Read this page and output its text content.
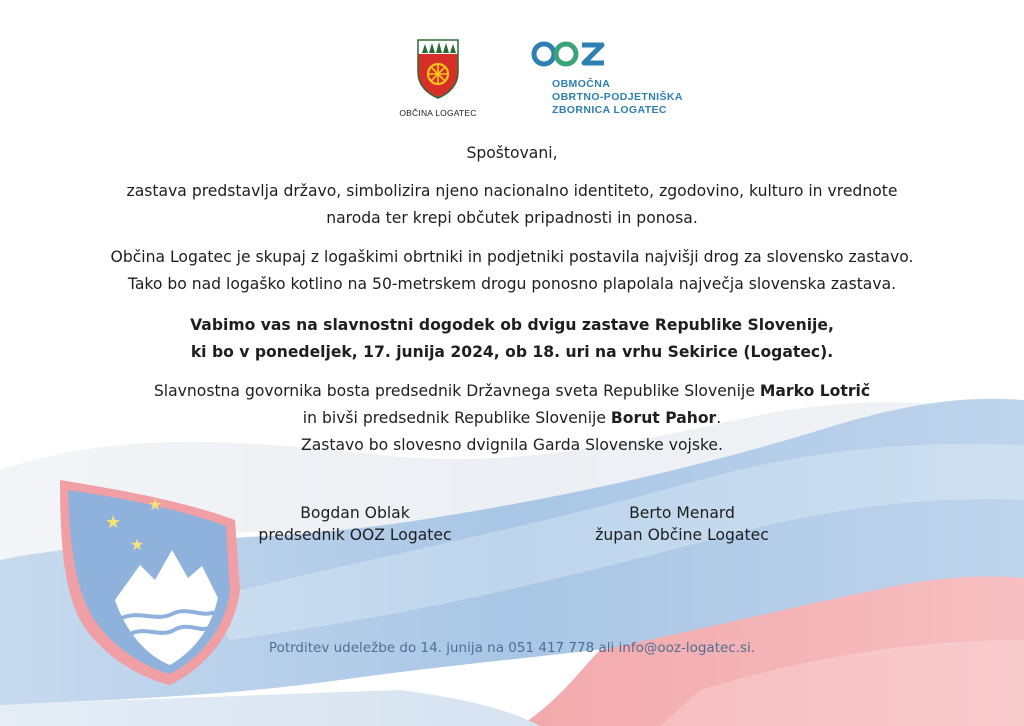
★
★
★
OBČINA LOGATEC
OBMOČNA
OBRTNO-PODJETNIŠKA
ZBORNICA LOGATEC

Spoštovani,

zastava predstavlja državo, simbolizira njeno nacionalno identiteto, zgodovino, kulturo in vrednote

naroda ter krepi občutek pripadnosti in ponosa.

Občina Logatec je skupaj z logaškimi obrtniki in podjetniki postavila najvišji drog za slovensko zastavo.

Tako bo nad logaško kotlino na 50-metrskem drogu ponosno plapolala največja slovenska zastava.

Vabimo vas na slavnostni dogodek ob dvigu zastave Republike Slovenije,

ki bo v ponedeljek, 17. junija 2024, ob 18. uri na vrhu Sekirice (Logatec).

Slavnostna govornika bosta predsednik Državnega sveta Republike Slovenije Marko Lotrič

in bivši predsednik Republike Slovenije Borut Pahor.

Zastavo bo slovesno dvignila Garda Slovenske vojske.

Bogdan Oblak
predsednik OOZ Logatec
Berto Menard
župan Občine Logatec
Potrditev udeležbe do 14. junija na 051 417 778 ali info@ooz-logatec.si.
